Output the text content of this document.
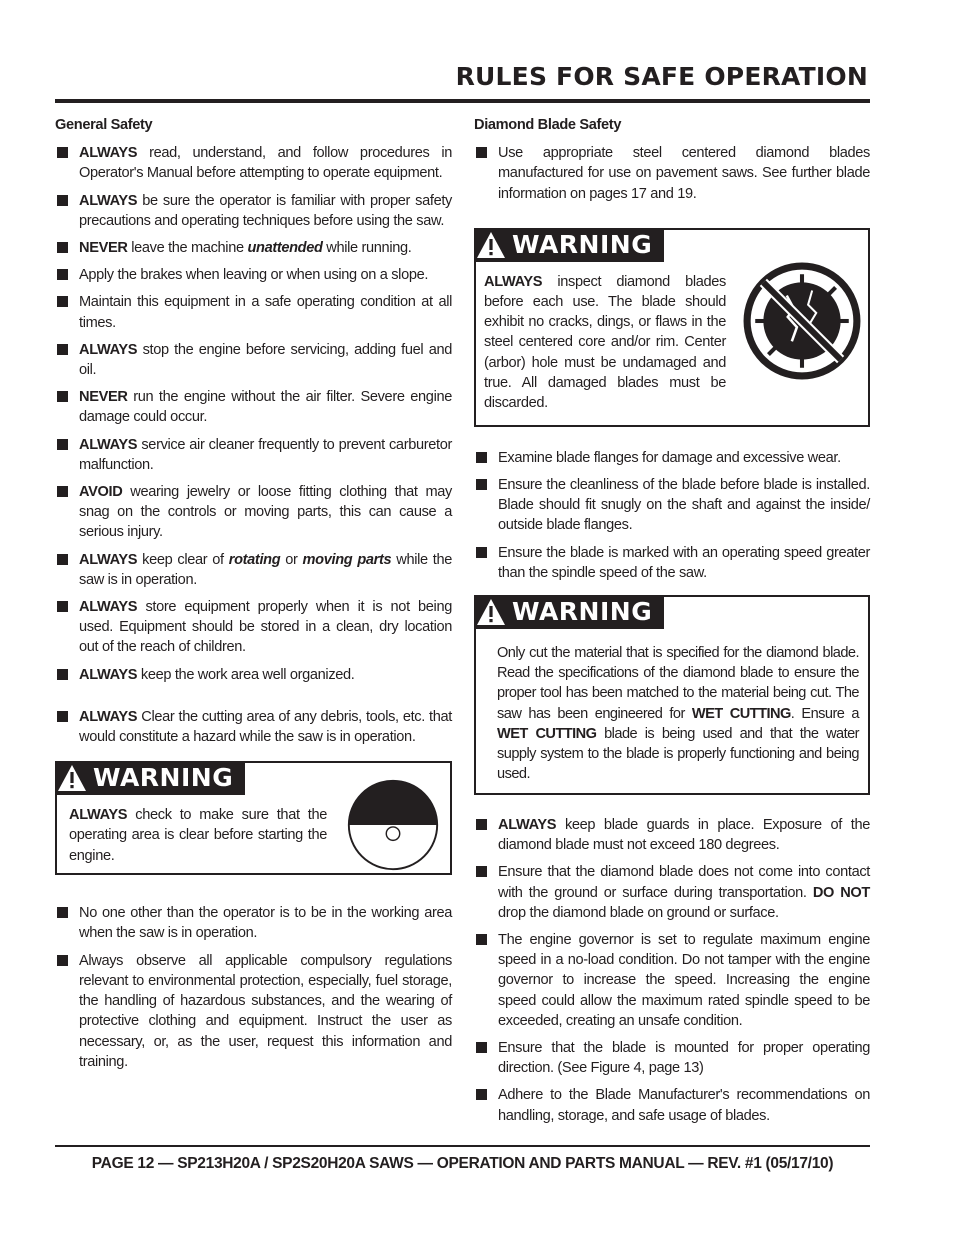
RULES FOR SAFE OPERATION
General Safety
ALWAYS read, understand, and follow procedures in Operator's Manual before attempting to operate equipment.
ALWAYS be sure the operator is familiar with proper safety precautions and operating techniques before using the saw.
NEVER leave the machine unattended while running.
Apply the brakes when leaving or when using on a slope.
Maintain this equipment in a safe operating condition at all times.
ALWAYS stop the engine before servicing, adding fuel and oil.
NEVER run the engine without the air filter. Severe engine damage could occur.
ALWAYS service air cleaner frequently to prevent carburetor malfunction.
AVOID wearing jewelry or loose fitting clothing that may snag on the controls or moving parts, this can cause a serious injury.
ALWAYS keep clear of rotating or moving parts while the saw is in operation.
ALWAYS store equipment properly when it is not being used. Equipment should be stored in a clean, dry location out of the reach of children.
ALWAYS keep the work area well organized.
ALWAYS Clear the cutting area of any debris, tools, etc. that would constitute a hazard while the saw is in operation.
WARNING
ALWAYS check to make sure that the operating area is clear before starting the engine.
No one other than the operator is to be in the working area when the saw is in operation.
Always observe all applicable compulsory regulations relevant to environmental protection, especially, fuel storage, the handling of hazardous substances, and the wearing of protective clothing and equipment. Instruct the user as necessary, or, as the user, request this information and training.
Diamond Blade Safety
Use appropriate steel centered diamond blades manufactured for use on pavement saws. See further blade information on pages 17 and 19.
WARNING
ALWAYS inspect diamond blades before each use. The blade should exhibit no cracks, dings, or flaws in the steel centered core and/or rim. Center (arbor) hole must be undamaged and true. All damaged blades must be discarded.
Examine blade flanges for damage and excessive wear.
Ensure the cleanliness of the blade before blade is installed. Blade should fit snugly on the shaft and against the inside/ outside blade flanges.
Ensure the blade is marked with an operating speed greater than the spindle speed of the saw.
WARNING
Only cut the material that is specified for the diamond blade. Read the specifications of the diamond blade to ensure the proper tool has been matched to the material being cut. The saw has been engineered for WET CUTTING. Ensure a WET CUTTING blade is being used and that the water supply system to the blade is properly functioning and being used.
ALWAYS keep blade guards in place. Exposure of the diamond blade must not exceed 180 degrees.
Ensure that the diamond blade does not come into contact with the ground or surface during transportation. DO NOT drop the diamond blade on ground or surface.
The engine governor is set to regulate maximum engine speed in a no-load condition. Do not tamper with the engine governor to increase the speed. Increasing the engine speed could allow the maximum rated spindle speed to be exceeded, creating an unsafe condition.
Ensure that the blade is mounted for proper operating direction. (See Figure 4, page 13)
Adhere to the Blade Manufacturer's recommendations on handling, storage, and safe usage of blades.
PAGE 12 — SP213H20A / SP2S20H20A SAWS — OPERATION AND PARTS MANUAL — REV. #1 (05/17/10)
